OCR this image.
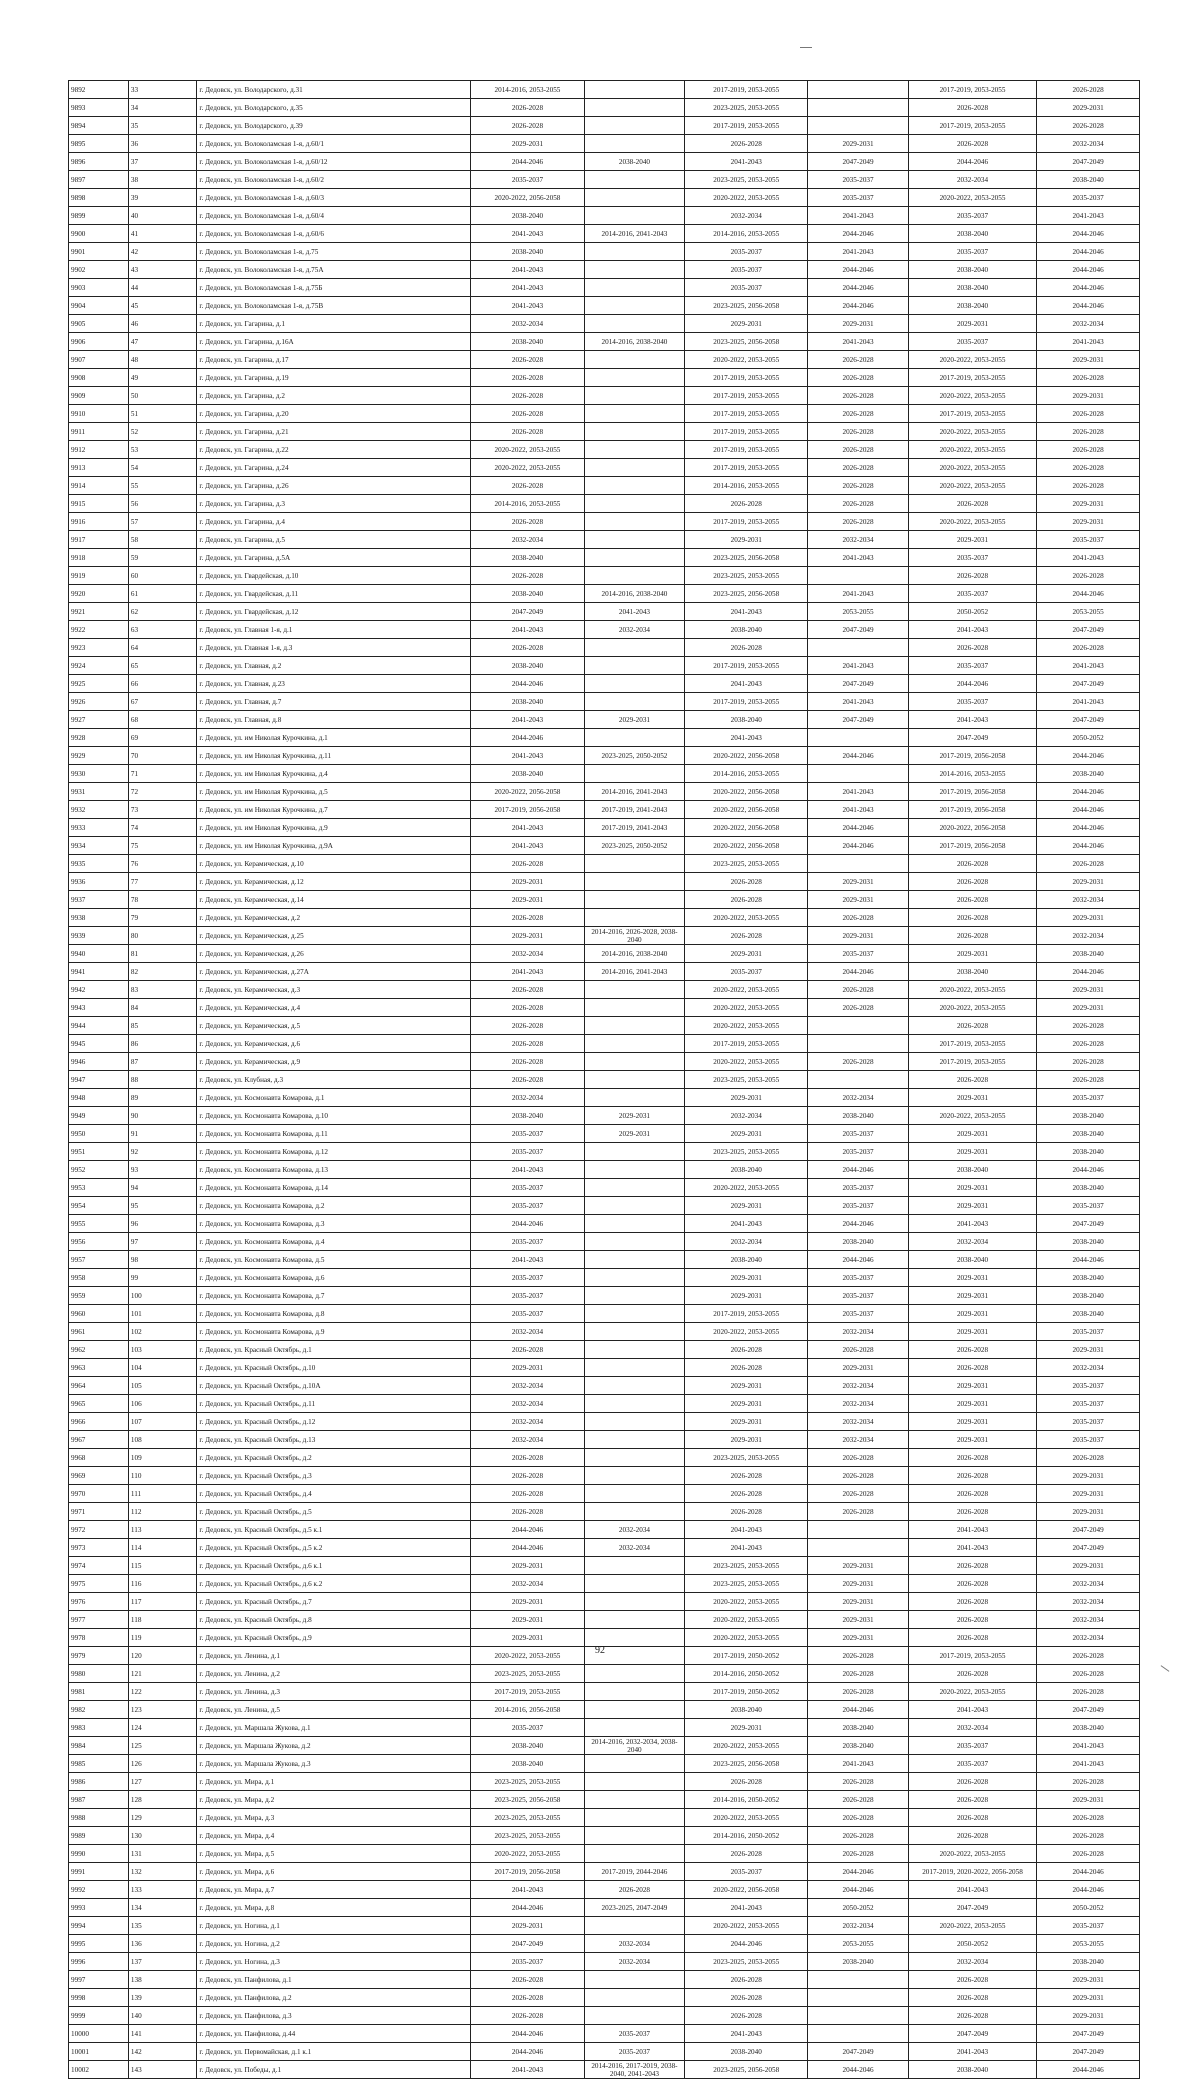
9892	33	г. Дедовск, ул. Володарского, д.31	2014-2016, 2053-2055		2017-2019, 2053-2055		2017-2019, 2053-2055	2026-2028
9893	34	г. Дедовск, ул. Володарского, д.35	2026-2028		2023-2025, 2053-2055		2026-2028	2029-2031
9894	35	г. Дедовск, ул. Володарского, д.39	2026-2028		2017-2019, 2053-2055		2017-2019, 2053-2055	2026-2028
9895	36	г. Дедовск, ул. Волоколамская 1-я, д.60/1	2029-2031		2026-2028	2029-2031	2026-2028	2032-2034
9896	37	г. Дедовск, ул. Волоколамская 1-я, д.60/12	2044-2046	2038-2040	2041-2043	2047-2049	2044-2046	2047-2049
9897	38	г. Дедовск, ул. Волоколамская 1-я, д.60/2	2035-2037		2023-2025, 2053-2055	2035-2037	2032-2034	2038-2040
9898	39	г. Дедовск, ул. Волоколамская 1-я, д.60/3	2020-2022, 2056-2058		2020-2022, 2053-2055	2035-2037	2020-2022, 2053-2055	2035-2037
9899	40	г. Дедовск, ул. Волоколамская 1-я, д.60/4	2038-2040		2032-2034	2041-2043	2035-2037	2041-2043
9900	41	г. Дедовск, ул. Волоколамская 1-я, д.60/6	2041-2043	2014-2016, 2041-2043	2014-2016, 2053-2055	2044-2046	2038-2040	2044-2046
9901	42	г. Дедовск, ул. Волоколамская 1-я, д.75	2038-2040		2035-2037	2041-2043	2035-2037	2044-2046
9902	43	г. Дедовск, ул. Волоколамская 1-я, д.75А	2041-2043		2035-2037	2044-2046	2038-2040	2044-2046
9903	44	г. Дедовск, ул. Волоколамская 1-я, д.75Б	2041-2043		2035-2037	2044-2046	2038-2040	2044-2046
9904	45	г. Дедовск, ул. Волоколамская 1-я, д.75В	2041-2043		2023-2025, 2056-2058	2044-2046	2038-2040	2044-2046
9905	46	г. Дедовск, ул. Гагарина, д.1	2032-2034		2029-2031	2029-2031	2029-2031	2032-2034
9906	47	г. Дедовск, ул. Гагарина, д.16А	2038-2040	2014-2016, 2038-2040	2023-2025, 2056-2058	2041-2043	2035-2037	2041-2043
9907	48	г. Дедовск, ул. Гагарина, д.17	2026-2028		2020-2022, 2053-2055	2026-2028	2020-2022, 2053-2055	2029-2031
9908	49	г. Дедовск, ул. Гагарина, д.19	2026-2028		2017-2019, 2053-2055	2026-2028	2017-2019, 2053-2055	2026-2028
9909	50	г. Дедовск, ул. Гагарина, д.2	2026-2028		2017-2019, 2053-2055	2026-2028	2020-2022, 2053-2055	2029-2031
9910	51	г. Дедовск, ул. Гагарина, д.20	2026-2028		2017-2019, 2053-2055	2026-2028	2017-2019, 2053-2055	2026-2028
9911	52	г. Дедовск, ул. Гагарина, д.21	2026-2028		2017-2019, 2053-2055	2026-2028	2020-2022, 2053-2055	2026-2028
9912	53	г. Дедовск, ул. Гагарина, д.22	2020-2022, 2053-2055		2017-2019, 2053-2055	2026-2028	2020-2022, 2053-2055	2026-2028
9913	54	г. Дедовск, ул. Гагарина, д.24	2020-2022, 2053-2055		2017-2019, 2053-2055	2026-2028	2020-2022, 2053-2055	2026-2028
9914	55	г. Дедовск, ул. Гагарина, д.26	2026-2028		2014-2016, 2053-2055	2026-2028	2020-2022, 2053-2055	2026-2028
9915	56	г. Дедовск, ул. Гагарина, д.3	2014-2016, 2053-2055		2026-2028	2026-2028	2026-2028	2029-2031
9916	57	г. Дедовск, ул. Гагарина, д.4	2026-2028		2017-2019, 2053-2055	2026-2028	2020-2022, 2053-2055	2029-2031
9917	58	г. Дедовск, ул. Гагарина, д.5	2032-2034		2029-2031	2032-2034	2029-2031	2035-2037
9918	59	г. Дедовск, ул. Гагарина, д.5А	2038-2040		2023-2025, 2056-2058	2041-2043	2035-2037	2041-2043
9919	60	г. Дедовск, ул. Гвардейская, д.10	2026-2028		2023-2025, 2053-2055		2026-2028	2026-2028
9920	61	г. Дедовск, ул. Гвардейская, д.11	2038-2040	2014-2016, 2038-2040	2023-2025, 2056-2058	2041-2043	2035-2037	2044-2046
9921	62	г. Дедовск, ул. Гвардейская, д.12	2047-2049	2041-2043	2041-2043	2053-2055	2050-2052	2053-2055
9922	63	г. Дедовск, ул. Главная 1-я, д.1	2041-2043	2032-2034	2038-2040	2047-2049	2041-2043	2047-2049
9923	64	г. Дедовск, ул. Главная 1-я, д.3	2026-2028		2026-2028		2026-2028	2026-2028
9924	65	г. Дедовск, ул. Главная, д.2	2038-2040		2017-2019, 2053-2055	2041-2043	2035-2037	2041-2043
9925	66	г. Дедовск, ул. Главная, д.23	2044-2046		2041-2043	2047-2049	2044-2046	2047-2049
9926	67	г. Дедовск, ул. Главная, д.7	2038-2040		2017-2019, 2053-2055	2041-2043	2035-2037	2041-2043
9927	68	г. Дедовск, ул. Главная, д.8	2041-2043	2029-2031	2038-2040	2047-2049	2041-2043	2047-2049
9928	69	г. Дедовск, ул. им Николая Курочкина, д.1	2044-2046		2041-2043		2047-2049	2050-2052
9929	70	г. Дедовск, ул. им Николая Курочкина, д.11	2041-2043	2023-2025, 2050-2052	2020-2022, 2056-2058	2044-2046	2017-2019, 2056-2058	2044-2046
9930	71	г. Дедовск, ул. им Николая Курочкина, д.4	2038-2040		2014-2016, 2053-2055		2014-2016, 2053-2055	2038-2040
9931	72	г. Дедовск, ул. им Николая Курочкина, д.5	2020-2022, 2056-2058	2014-2016, 2041-2043	2020-2022, 2056-2058	2041-2043	2017-2019, 2056-2058	2044-2046
9932	73	г. Дедовск, ул. им Николая Курочкина, д.7	2017-2019, 2056-2058	2017-2019, 2041-2043	2020-2022, 2056-2058	2041-2043	2017-2019, 2056-2058	2044-2046
9933	74	г. Дедовск, ул. им Николая Курочкина, д.9	2041-2043	2017-2019, 2041-2043	2020-2022, 2056-2058	2044-2046	2020-2022, 2056-2058	2044-2046
9934	75	г. Дедовск, ул. им Николая Курочкина, д.9А	2041-2043	2023-2025, 2050-2052	2020-2022, 2056-2058	2044-2046	2017-2019, 2056-2058	2044-2046
9935	76	г. Дедовск, ул. Керамическая, д.10	2026-2028		2023-2025, 2053-2055		2026-2028	2026-2028
9936	77	г. Дедовск, ул. Керамическая, д.12	2029-2031		2026-2028	2029-2031	2026-2028	2029-2031
9937	78	г. Дедовск, ул. Керамическая, д.14	2029-2031		2026-2028	2029-2031	2026-2028	2032-2034
9938	79	г. Дедовск, ул. Керамическая, д.2	2026-2028		2020-2022, 2053-2055	2026-2028	2026-2028	2029-2031
9939	80	г. Дедовск, ул. Керамическая, д.25	2029-2031	2014-2016, 2026-2028, 2038-2040	2026-2028	2029-2031	2026-2028	2032-2034
9940	81	г. Дедовск, ул. Керамическая, д.26	2032-2034	2014-2016, 2038-2040	2029-2031	2035-2037	2029-2031	2038-2040
9941	82	г. Дедовск, ул. Керамическая, д.27А	2041-2043	2014-2016, 2041-2043	2035-2037	2044-2046	2038-2040	2044-2046
9942	83	г. Дедовск, ул. Керамическая, д.3	2026-2028		2020-2022, 2053-2055	2026-2028	2020-2022, 2053-2055	2029-2031
9943	84	г. Дедовск, ул. Керамическая, д.4	2026-2028		2020-2022, 2053-2055	2026-2028	2020-2022, 2053-2055	2029-2031
9944	85	г. Дедовск, ул. Керамическая, д.5	2026-2028		2020-2022, 2053-2055		2026-2028	2026-2028
9945	86	г. Дедовск, ул. Керамическая, д.6	2026-2028		2017-2019, 2053-2055		2017-2019, 2053-2055	2026-2028
9946	87	г. Дедовск, ул. Керамическая, д.9	2026-2028		2020-2022, 2053-2055	2026-2028	2017-2019, 2053-2055	2026-2028
9947	88	г. Дедовск, ул. Клубная, д.3	2026-2028		2023-2025, 2053-2055		2026-2028	2026-2028
9948	89	г. Дедовск, ул. Космонавта Комарова, д.1	2032-2034		2029-2031	2032-2034	2029-2031	2035-2037
9949	90	г. Дедовск, ул. Космонавта Комарова, д.10	2038-2040	2029-2031	2032-2034	2038-2040	2020-2022, 2053-2055	2038-2040
9950	91	г. Дедовск, ул. Космонавта Комарова, д.11	2035-2037	2029-2031	2029-2031	2035-2037	2029-2031	2038-2040
9951	92	г. Дедовск, ул. Космонавта Комарова, д.12	2035-2037		2023-2025, 2053-2055	2035-2037	2029-2031	2038-2040
9952	93	г. Дедовск, ул. Космонавта Комарова, д.13	2041-2043		2038-2040	2044-2046	2038-2040	2044-2046
9953	94	г. Дедовск, ул. Космонавта Комарова, д.14	2035-2037		2020-2022, 2053-2055	2035-2037	2029-2031	2038-2040
9954	95	г. Дедовск, ул. Космонавта Комарова, д.2	2035-2037		2029-2031	2035-2037	2029-2031	2035-2037
9955	96	г. Дедовск, ул. Космонавта Комарова, д.3	2044-2046		2041-2043	2044-2046	2041-2043	2047-2049
9956	97	г. Дедовск, ул. Космонавта Комарова, д.4	2035-2037		2032-2034	2038-2040	2032-2034	2038-2040
9957	98	г. Дедовск, ул. Космонавта Комарова, д.5	2041-2043		2038-2040	2044-2046	2038-2040	2044-2046
9958	99	г. Дедовск, ул. Космонавта Комарова, д.6	2035-2037		2029-2031	2035-2037	2029-2031	2038-2040
9959	100	г. Дедовск, ул. Космонавта Комарова, д.7	2035-2037		2029-2031	2035-2037	2029-2031	2038-2040
9960	101	г. Дедовск, ул. Космонавта Комарова, д.8	2035-2037		2017-2019, 2053-2055	2035-2037	2029-2031	2038-2040
9961	102	г. Дедовск, ул. Космонавта Комарова, д.9	2032-2034		2020-2022, 2053-2055	2032-2034	2029-2031	2035-2037
9962	103	г. Дедовск, ул. Красный Октябрь, д.1	2026-2028		2026-2028	2026-2028	2026-2028	2029-2031
9963	104	г. Дедовск, ул. Красный Октябрь, д.10	2029-2031		2026-2028	2029-2031	2026-2028	2032-2034
9964	105	г. Дедовск, ул. Красный Октябрь, д.10А	2032-2034		2029-2031	2032-2034	2029-2031	2035-2037
9965	106	г. Дедовск, ул. Красный Октябрь, д.11	2032-2034		2029-2031	2032-2034	2029-2031	2035-2037
9966	107	г. Дедовск, ул. Красный Октябрь, д.12	2032-2034		2029-2031	2032-2034	2029-2031	2035-2037
9967	108	г. Дедовск, ул. Красный Октябрь, д.13	2032-2034		2029-2031	2032-2034	2029-2031	2035-2037
9968	109	г. Дедовск, ул. Красный Октябрь, д.2	2026-2028		2023-2025, 2053-2055	2026-2028	2026-2028	2026-2028
9969	110	г. Дедовск, ул. Красный Октябрь, д.3	2026-2028		2026-2028	2026-2028	2026-2028	2029-2031
9970	111	г. Дедовск, ул. Красный Октябрь, д.4	2026-2028		2026-2028	2026-2028	2026-2028	2029-2031
9971	112	г. Дедовск, ул. Красный Октябрь, д.5	2026-2028		2026-2028	2026-2028	2026-2028	2029-2031
9972	113	г. Дедовск, ул. Красный Октябрь, д.5 к.1	2044-2046	2032-2034	2041-2043		2041-2043	2047-2049
9973	114	г. Дедовск, ул. Красный Октябрь, д.5 к.2	2044-2046	2032-2034	2041-2043		2041-2043	2047-2049
9974	115	г. Дедовск, ул. Красный Октябрь, д.6 к.1	2029-2031		2023-2025, 2053-2055	2029-2031	2026-2028	2029-2031
9975	116	г. Дедовск, ул. Красный Октябрь, д.6 к.2	2032-2034		2023-2025, 2053-2055	2029-2031	2026-2028	2032-2034
9976	117	г. Дедовск, ул. Красный Октябрь, д.7	2029-2031		2020-2022, 2053-2055	2029-2031	2026-2028	2032-2034
9977	118	г. Дедовск, ул. Красный Октябрь, д.8	2029-2031		2020-2022, 2053-2055	2029-2031	2026-2028	2032-2034
9978	119	г. Дедовск, ул. Красный Октябрь, д.9	2029-2031		2020-2022, 2053-2055	2029-2031	2026-2028	2032-2034
9979	120	г. Дедовск, ул. Ленина, д.1	2020-2022, 2053-2055		2017-2019, 2050-2052	2026-2028	2017-2019, 2053-2055	2026-2028
9980	121	г. Дедовск, ул. Ленина, д.2	2023-2025, 2053-2055		2014-2016, 2050-2052	2026-2028	2026-2028	2026-2028
9981	122	г. Дедовск, ул. Ленина, д.3	2017-2019, 2053-2055		2017-2019, 2050-2052	2026-2028	2020-2022, 2053-2055	2026-2028
9982	123	г. Дедовск, ул. Ленина, д.5	2014-2016, 2056-2058		2038-2040	2044-2046	2041-2043	2047-2049
9983	124	г. Дедовск, ул. Маршала Жукова, д.1	2035-2037		2029-2031	2038-2040	2032-2034	2038-2040
9984	125	г. Дедовск, ул. Маршала Жукова, д.2	2038-2040	2014-2016, 2032-2034, 2038-2040	2020-2022, 2053-2055	2038-2040	2035-2037	2041-2043
9985	126	г. Дедовск, ул. Маршала Жукова, д.3	2038-2040		2023-2025, 2056-2058	2041-2043	2035-2037	2041-2043
9986	127	г. Дедовск, ул. Мира, д.1	2023-2025, 2053-2055		2026-2028	2026-2028	2026-2028	2026-2028
9987	128	г. Дедовск, ул. Мира, д.2	2023-2025, 2056-2058		2014-2016, 2050-2052	2026-2028	2026-2028	2029-2031
9988	129	г. Дедовск, ул. Мира, д.3	2023-2025, 2053-2055		2020-2022, 2053-2055	2026-2028	2026-2028	2026-2028
9989	130	г. Дедовск, ул. Мира, д.4	2023-2025, 2053-2055		2014-2016, 2050-2052	2026-2028	2026-2028	2026-2028
9990	131	г. Дедовск, ул. Мира, д.5	2020-2022, 2053-2055		2026-2028	2026-2028	2020-2022, 2053-2055	2026-2028
9991	132	г. Дедовск, ул. Мира, д.6	2017-2019, 2056-2058	2017-2019, 2044-2046	2035-2037	2044-2046	2017-2019, 2020-2022, 2056-2058	2044-2046
9992	133	г. Дедовск, ул. Мира, д.7	2041-2043	2026-2028	2020-2022, 2056-2058	2044-2046	2041-2043	2044-2046
9993	134	г. Дедовск, ул. Мира, д.8	2044-2046	2023-2025, 2047-2049	2041-2043	2050-2052	2047-2049	2050-2052
9994	135	г. Дедовск, ул. Ногина, д.1	2029-2031		2020-2022, 2053-2055	2032-2034	2020-2022, 2053-2055	2035-2037
9995	136	г. Дедовск, ул. Ногина, д.2	2047-2049	2032-2034	2044-2046	2053-2055	2050-2052	2053-2055
9996	137	г. Дедовск, ул. Ногина, д.3	2035-2037	2032-2034	2023-2025, 2053-2055	2038-2040	2032-2034	2038-2040
9997	138	г. Дедовск, ул. Панфилова, д.1	2026-2028		2026-2028		2026-2028	2029-2031
9998	139	г. Дедовск, ул. Панфилова, д.2	2026-2028		2026-2028		2026-2028	2029-2031
9999	140	г. Дедовск, ул. Панфилова, д.3	2026-2028		2026-2028		2026-2028	2029-2031
10000	141	г. Дедовск, ул. Панфилова, д.44	2044-2046	2035-2037	2041-2043		2047-2049	2047-2049
10001	142	г. Дедовск, ул. Первомайская, д.1 к.1	2044-2046	2035-2037	2038-2040	2047-2049	2041-2043	2047-2049
10002	143	г. Дедовск, ул. Победы, д.1	2041-2043	2014-2016, 2017-2019, 2038-2040, 2041-2043	2023-2025, 2056-2058	2044-2046	2038-2040	2044-2046
92
